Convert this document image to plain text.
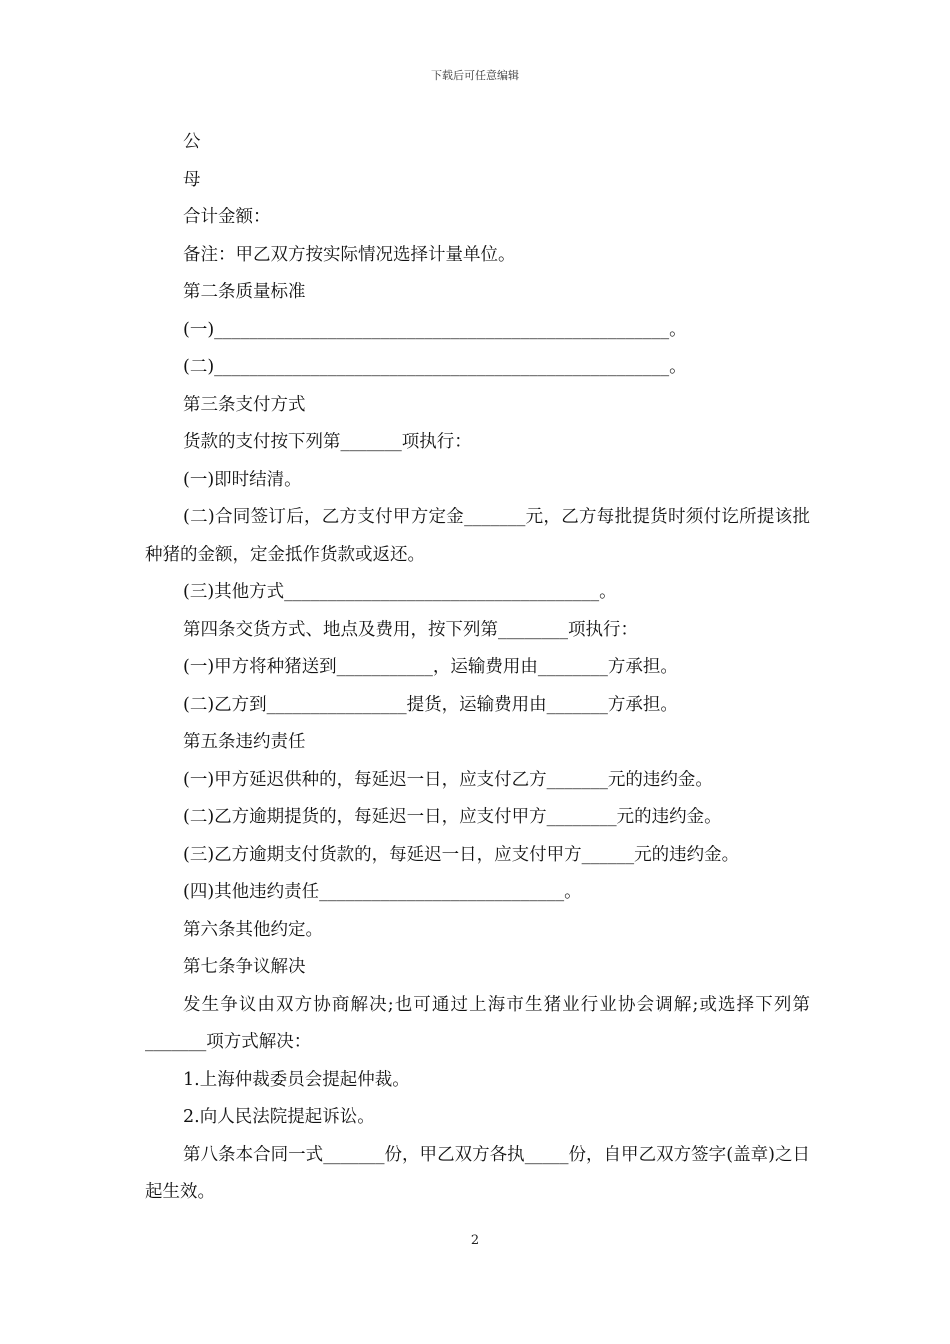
下载后可任意编辑

公

母

合计金额：

备注：甲乙双方按实际情况选择计量单位。

第二条质量标准

(一)____________________________________________________。

(二)____________________________________________________。

第三条支付方式

货款的支付按下列第_______项执行：

(一)即时结清。

(二)合同签订后，乙方支付甲方定金_______元，乙方每批提货时须付讫所提该批种猪的金额，定金抵作货款或返还。

(三)其他方式____________________________________。

第四条交货方式、地点及费用，按下列第________项执行：

(一)甲方将种猪送到___________，运输费用由________方承担。

(二)乙方到________________提货，运输费用由_______方承担。

第五条违约责任

(一)甲方延迟供种的，每延迟一日，应支付乙方_______元的违约金。

(二)乙方逾期提货的，每延迟一日，应支付甲方________元的违约金。

(三)乙方逾期支付货款的，每延迟一日，应支付甲方______元的违约金。

(四)其他违约责任____________________________。

第六条其他约定。

第七条争议解决

发生争议由双方协商解决;也可通过上海市生猪业行业协会调解;或选择下列第_______项方式解决：

1.上海仲裁委员会提起仲裁。

2.向人民法院提起诉讼。

第八条本合同一式_______份，甲乙双方各执_____份，自甲乙双方签字(盖章)之日起生效。

2
